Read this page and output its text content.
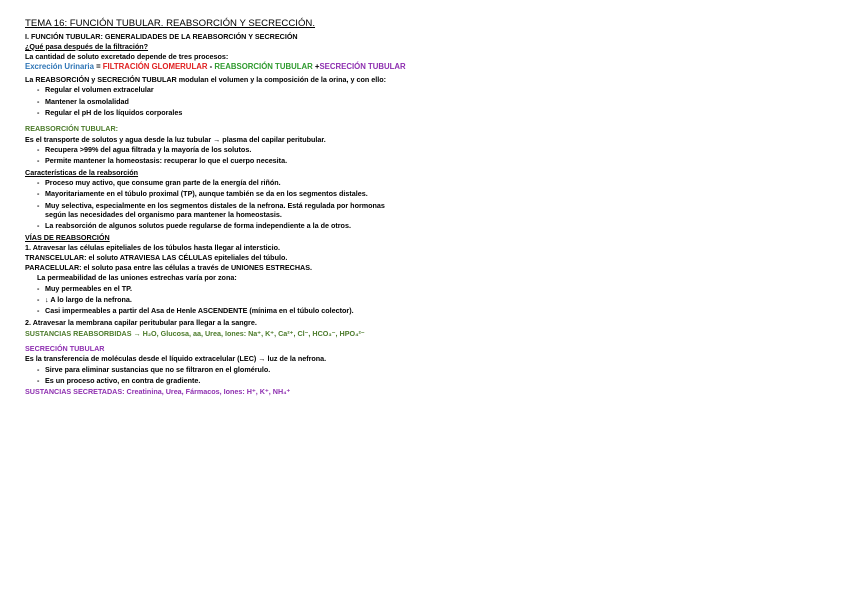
TEMA 16: FUNCIÓN TUBULAR. REABSORCIÓN Y SECRECCIÓN.
I. FUNCIÓN TUBULAR: GENERALIDADES DE LA REABSORCIÓN Y SECRECIÓN
¿Qué pasa después de la filtración?
La cantidad de soluto excretado depende de tres procesos:
Excreción Urinaria = FILTRACIÓN GLOMERULAR - REABSORCIÓN TUBULAR +SECRECIÓN TUBULAR
La REABSORCIÓN y SECRECIÓN TUBULAR modulan el volumen y la composición de la orina, y con ello:
- Regular el volumen extracelular
- Mantener la osmolalidad
- Regular el pH de los líquidos corporales
REABSORCIÓN TUBULAR:
Es el transporte de solutos y agua desde la luz tubular → plasma del capilar peritubular.
- Recupera >99% del agua filtrada y la mayoría de los solutos.
- Permite mantener la homeostasis: recuperar lo que el cuerpo necesita.
Características de la reabsorción
- Proceso muy activo, que consume gran parte de la energía del riñón.
- Mayoritariamente en el túbulo proximal (TP), aunque también se da en los segmentos distales.
- Muy selectiva, especialmente en los segmentos distales de la nefrona. Está regulada por hormonas
según las necesidades del organismo para mantener la homeostasis.
- La reabsorción de algunos solutos puede regularse de forma independiente a la de otros.
VÍAS DE REABSORCIÓN
1. Atravesar las células epiteliales de los túbulos hasta llegar al intersticio.
TRANSCELULAR: el soluto ATRAVIESA LAS CÉLULAS epiteliales del túbulo.
PARACELULAR: el soluto pasa entre las células a través de UNIONES ESTRECHAS.
La permeabilidad de las uniones estrechas varía por zona:
- Muy permeables en el TP.
- ↓ A lo largo de la nefrona.
- Casi impermeables a partir del Asa de Henle ASCENDENTE (mínima en el túbulo colector).
2. Atravesar la membrana capilar peritubular para llegar a la sangre.
SUSTANCIAS REABSORBIDAS → H₂O, Glucosa, aa, Urea, Iones: Na⁺, K⁺, Ca²⁺, Cl⁻, HCO₃⁻, HPO₄²⁻
SECRECIÓN TUBULAR
Es la transferencia de moléculas desde el líquido extracelular (LEC) → luz de la nefrona.
- Sirve para eliminar sustancias que no se filtraron en el glomérulo.
- Es un proceso activo, en contra de gradiente.
SUSTANCIAS SECRETADAS: Creatinina, Urea, Fármacos, Iones: H⁺, K⁺, NH₄⁺
